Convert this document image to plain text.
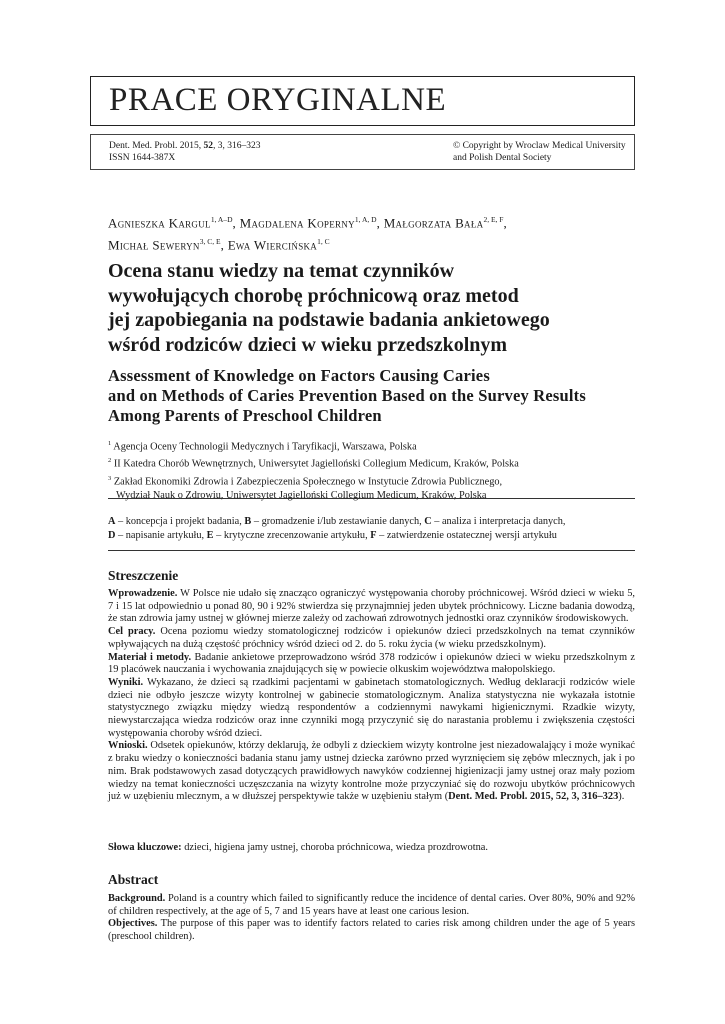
PRACE ORYGINALNE
Dent. Med. Probl. 2015, 52, 3, 316–323
ISSN 1644-387X
© Copyright by Wroclaw Medical University
and Polish Dental Society
Agnieszka Kargul$^{1, A-D}$, Magdalena Koperny$^{1, A, D}$, Małgorzata Bała$^{2, E, F}$,
Michał Seweryn$^{3, C, E}$, Ewa Wiercińska$^{1, C}$
Ocena stanu wiedzy na temat czynników
wywołujących chorobę próchnicową oraz metod
jej zapobiegania na podstawie badania ankietowego
wśród rodziców dzieci w wieku przedszkolnym
Assessment of Knowledge on Factors Causing Caries
and on Methods of Caries Prevention Based on the Survey Results
Among Parents of Preschool Children
$^1$ Agencja Oceny Technologii Medycznych i Taryfikacji, Warszawa, Polska
$^2$ II Katedra Chorób Wewnętrznych, Uniwersytet Jagielloński Collegium Medicum, Kraków, Polska
$^3$ Zakład Ekonomiki Zdrowia i Zabezpieczenia Społecznego w Instytucie Zdrowia Publicznego,
Wydział Nauk o Zdrowiu, Uniwersytet Jagielloński Collegium Medicum, Kraków, Polska
A – koncepcja i projekt badania, B – gromadzenie i/lub zestawianie danych, C – analiza i interpretacja danych,
D – napisanie artykułu, E – krytyczne zrecenzowanie artykułu, F – zatwierdzenie ostatecznej wersji artykułu
Streszczenie

Wprowadzenie. W Polsce nie udało się znacząco ograniczyć występowania choroby próchnicowej. Wśród dzieci w wieku 5, 7 i 15 lat odpowiednio u ponad 80, 90 i 92% stwierdza się przynajmniej jeden ubytek próchnicowy. Liczne badania dowodzą, że stan zdrowia jamy ustnej w głównej mierze zależy od zachowań zdrowotnych jednostki oraz czynników środowiskowych.

Cel pracy. Ocena poziomu wiedzy stomatologicznej rodziców i opiekunów dzieci przedszkolnych na temat czynników wpływających na dużą częstość próchnicy wśród dzieci od 2. do 5. roku życia (w wieku przedszkolnym).

Materiał i metody. Badanie ankietowe przeprowadzono wśród 378 rodziców i opiekunów dzieci w wieku przedszkolnym z 19 placówek nauczania i wychowania znajdujących się w powiecie olkuskim województwa małopolskiego.

Wyniki. Wykazano, że dzieci są rzadkimi pacjentami w gabinetach stomatologicznych. Według deklaracji rodziców wiele dzieci nie odbyło jeszcze wizyty kontrolnej w gabinecie stomatologicznym. Analiza statystyczna nie wykazała istotnie statystycznego związku między wiedzą respondentów a codziennymi nawykami higienicznymi. Rzadkie wizyty, niewystarczająca wiedza rodziców oraz inne czynniki mogą przyczynić się do narastania problemu i zwiększenia częstości występowania choroby wśród dzieci.

Wnioski. Odsetek opiekunów, którzy deklarują, że odbyli z dzieckiem wizyty kontrolne jest niezadowalający i może wynikać z braku wiedzy o konieczności badania stanu jamy ustnej dziecka zarówno przed wyrznięciem się zębów mlecznych, jak i po nim. Brak podstawowych zasad dotyczących prawidłowych nawyków codziennej higienizacji jamy ustnej oraz mały poziom wiedzy na temat konieczności uczęszczania na wizyty kontrolne może przyczyniać się do rozwoju ubytków próchnicowych już w uzębieniu mlecznym, a w dłuższej perspektywie także w uzębieniu stałym (Dent. Med. Probl. 2015, 52, 3, 316–323).

Słowa kluczowe: dzieci, higiena jamy ustnej, choroba próchnicowa, wiedza prozdrowotna.

Abstract

Background. Poland is a country which failed to significantly reduce the incidence of dental caries. Over 80%, 90% and 92% of children respectively, at the age of 5, 7 and 15 years have at least one carious lesion.

Objectives. The purpose of this paper was to identify factors related to caries risk among children under the age of 5 years (preschool children).
